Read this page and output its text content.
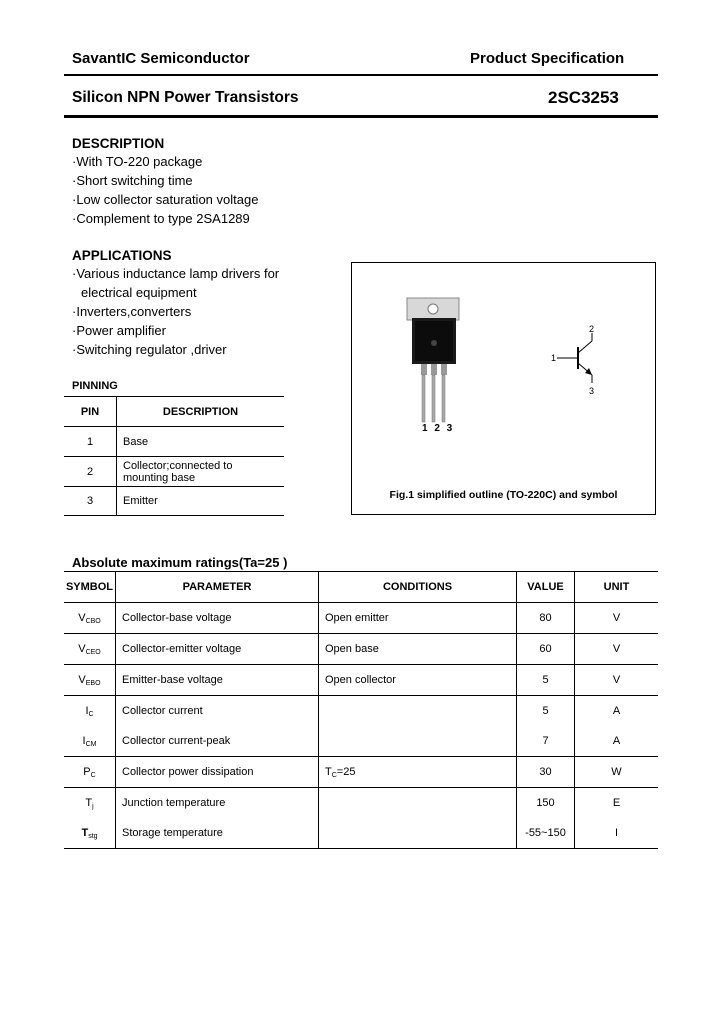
SavantIC Semiconductor	Product Specification
Silicon NPN Power Transistors	2SC3253
DESCRIPTION
·With TO-220 package
·Short switching time
·Low collector saturation voltage
·Complement to type 2SA1289
APPLICATIONS
·Various inductance lamp drivers for
electrical equipment
·Inverters,converters
·Power amplifier
·Switching regulator ,driver
PINNING
PIN	DESCRIPTION
1	Base
2	Collector;connected to mounting base
3	Emitter
1 2 3
1
2
3
Fig.1 simplified outline (TO-220C) and symbol
Absolute maximum ratings(Ta=25 )
SYMBOL	PARAMETER	CONDITIONS	VALUE	UNIT
$V_{CBO}$	Collector-base voltage	Open emitter	80	V
$V_{CEO}$	Collector-emitter voltage	Open base	60	V
$V_{EBO}$	Emitter-base voltage	Open collector	5	V
$I_C$	Collector current		5	A
$I_{CM}$	Collector current-peak		7	A
$P_C$	Collector power dissipation	$T_C=25$	30	W
$T_j$	Junction temperature		150	Ε
$T_{stg}$	Storage temperature		-55~150	Ι
